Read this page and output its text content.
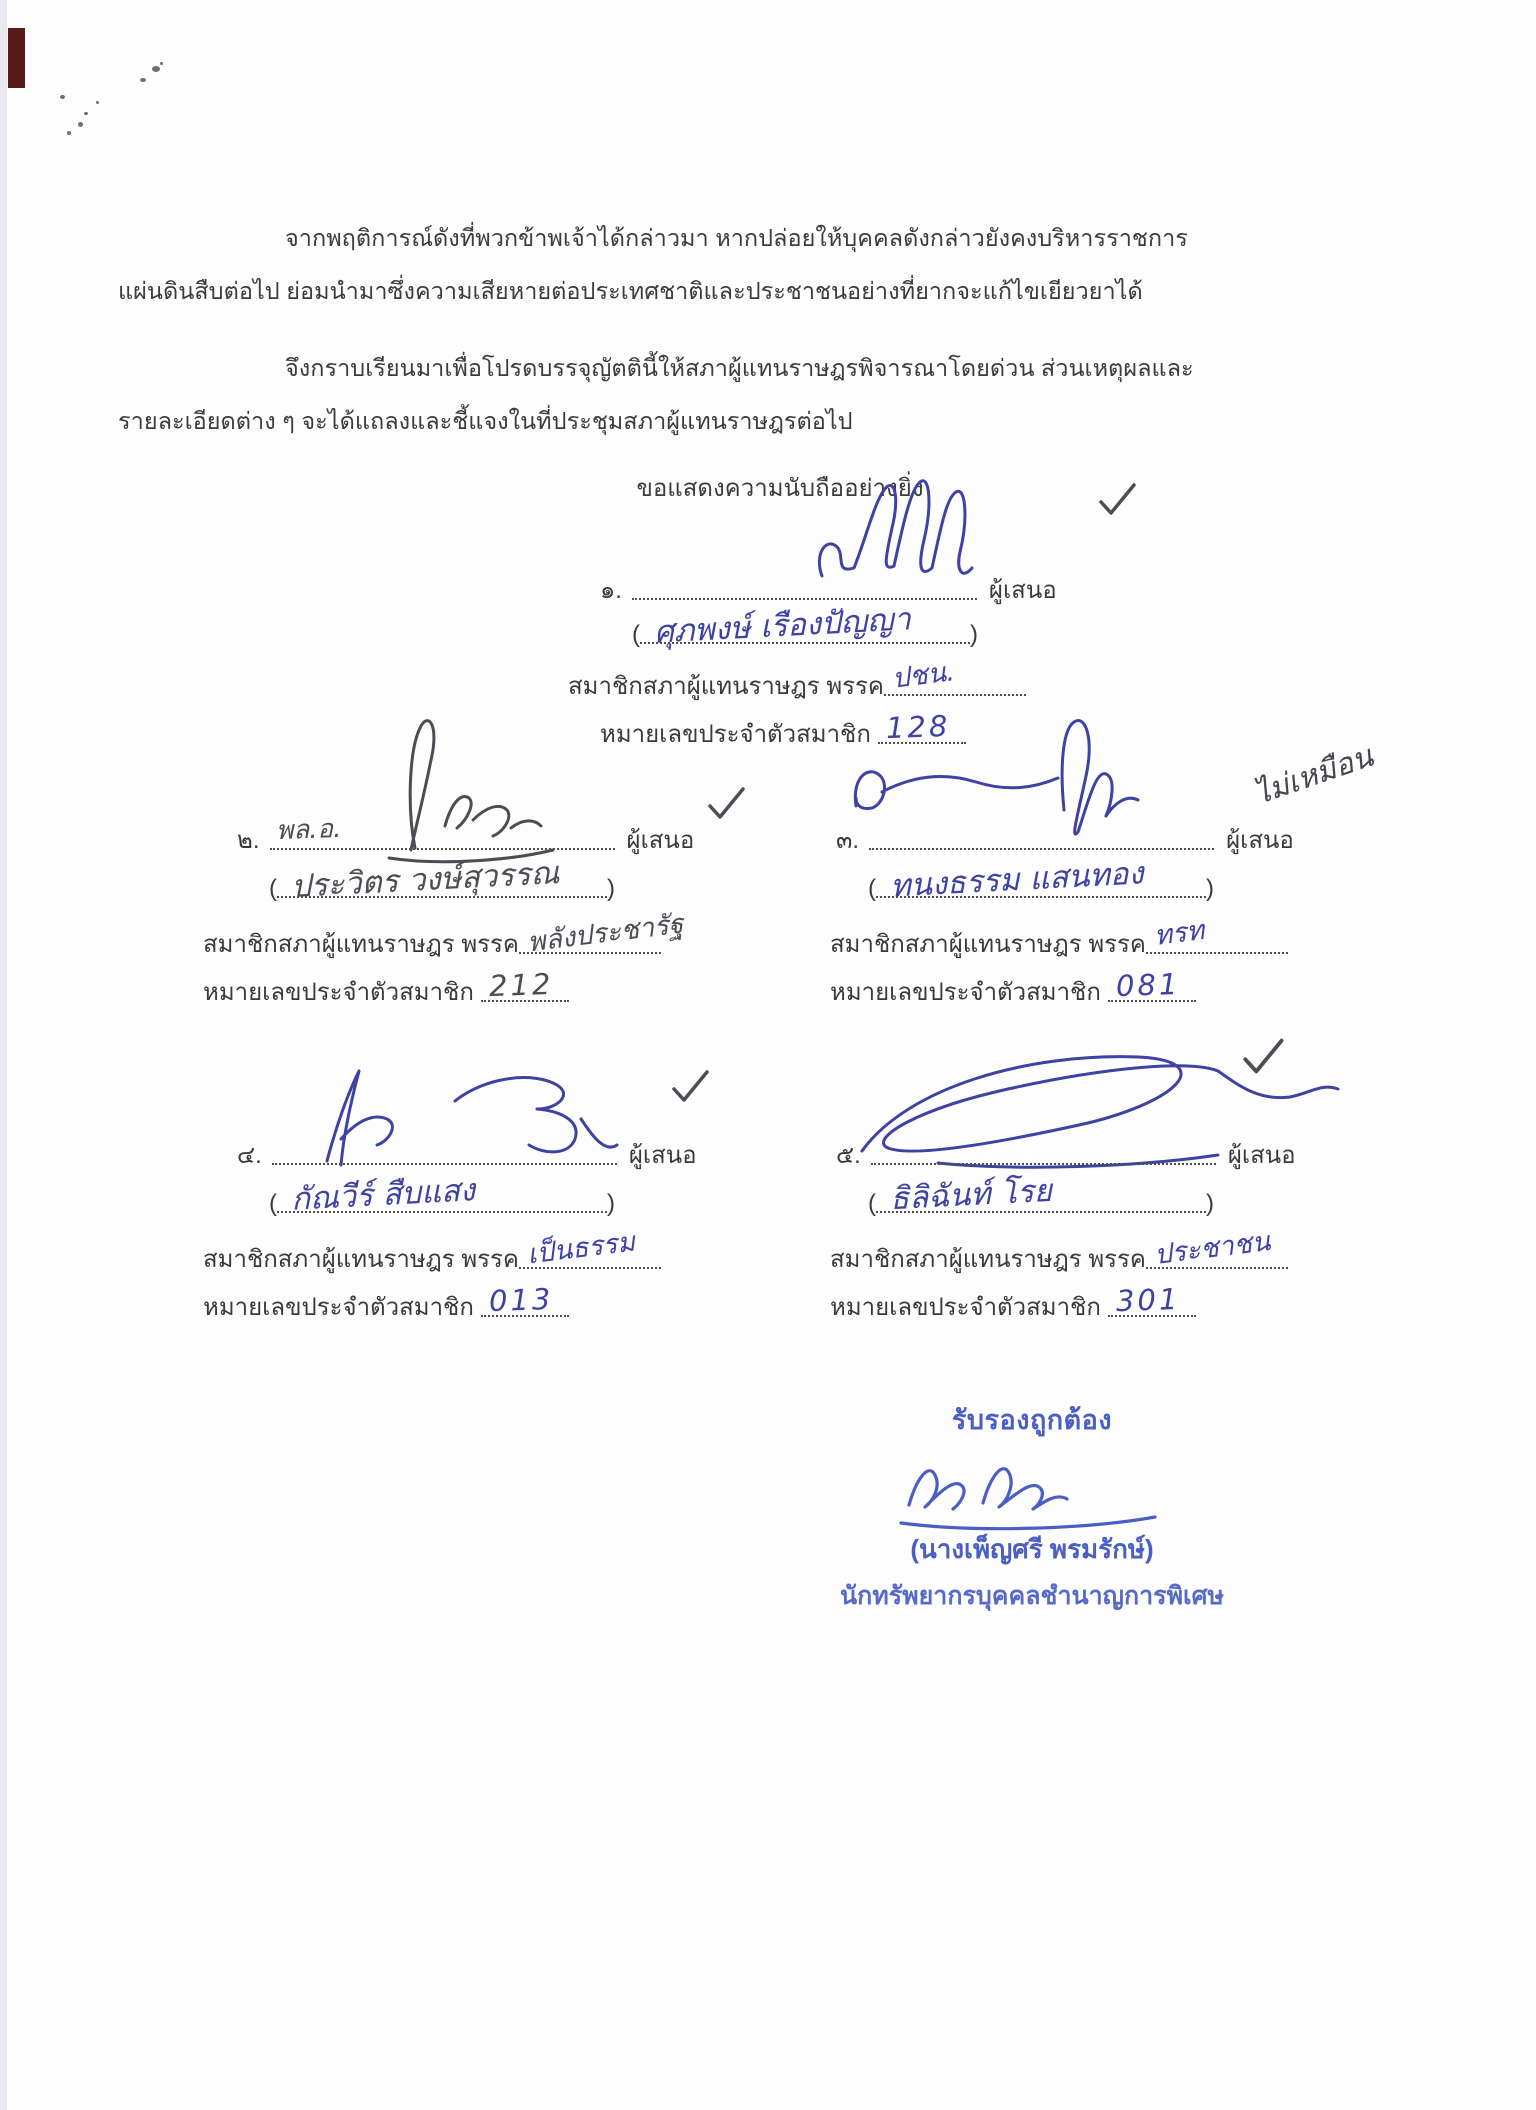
จากพฤติการณ์ดังที่พวกข้าพเจ้าได้กล่าวมา หากปล่อยให้บุคคลดังกล่าวยังคงบริหารราชการ
แผ่นดินสืบต่อไป ย่อมนำมาซึ่งความเสียหายต่อประเทศชาติและประชาชนอย่างที่ยากจะแก้ไขเยียวยาได้
จึงกราบเรียนมาเพื่อโปรดบรรจุญัตตินี้ให้สภาผู้แทนราษฎรพิจารณาโดยด่วน ส่วนเหตุผลและ
รายละเอียดต่าง ๆ จะได้แถลงและชี้แจงในที่ประชุมสภาผู้แทนราษฎรต่อไป
ขอแสดงความนับถืออย่างยิ่ง
๑.	ผู้เสนอ
( ศุภพงษ์ เรืองปัญญา )
สมาชิกสภาผู้แทนราษฎร พรรค ปชน.
หมายเลขประจำตัวสมาชิก 128
๒. พล.อ.	ผู้เสนอ
( ประวิตร วงษ์สุวรรณ )
สมาชิกสภาผู้แทนราษฎร พรรค พลังประชารัฐ
หมายเลขประจำตัวสมาชิก 212
๓.	ผู้เสนอ
( ทนงธรรม แสนทอง	)
สมาชิกสภาผู้แทนราษฎร พรรค ทรท
หมายเลขประจำตัวสมาชิก 081
ไม่เหมือน
๔.	ผู้เสนอ
( กัณวีร์ สืบแสง	)
สมาชิกสภาผู้แทนราษฎร พรรค เป็นธรรม
หมายเลขประจำตัวสมาชิก 013
๕.	ผู้เสนอ
( ธิลิฉันท์ โรย	)
สมาชิกสภาผู้แทนราษฎร พรรค ประชาชน
หมายเลขประจำตัวสมาชิก 301
รับรองถูกต้อง
(นางเพ็ญศรี พรมรักษ์)
นักทรัพยากรบุคคลชำนาญการพิเศษ
